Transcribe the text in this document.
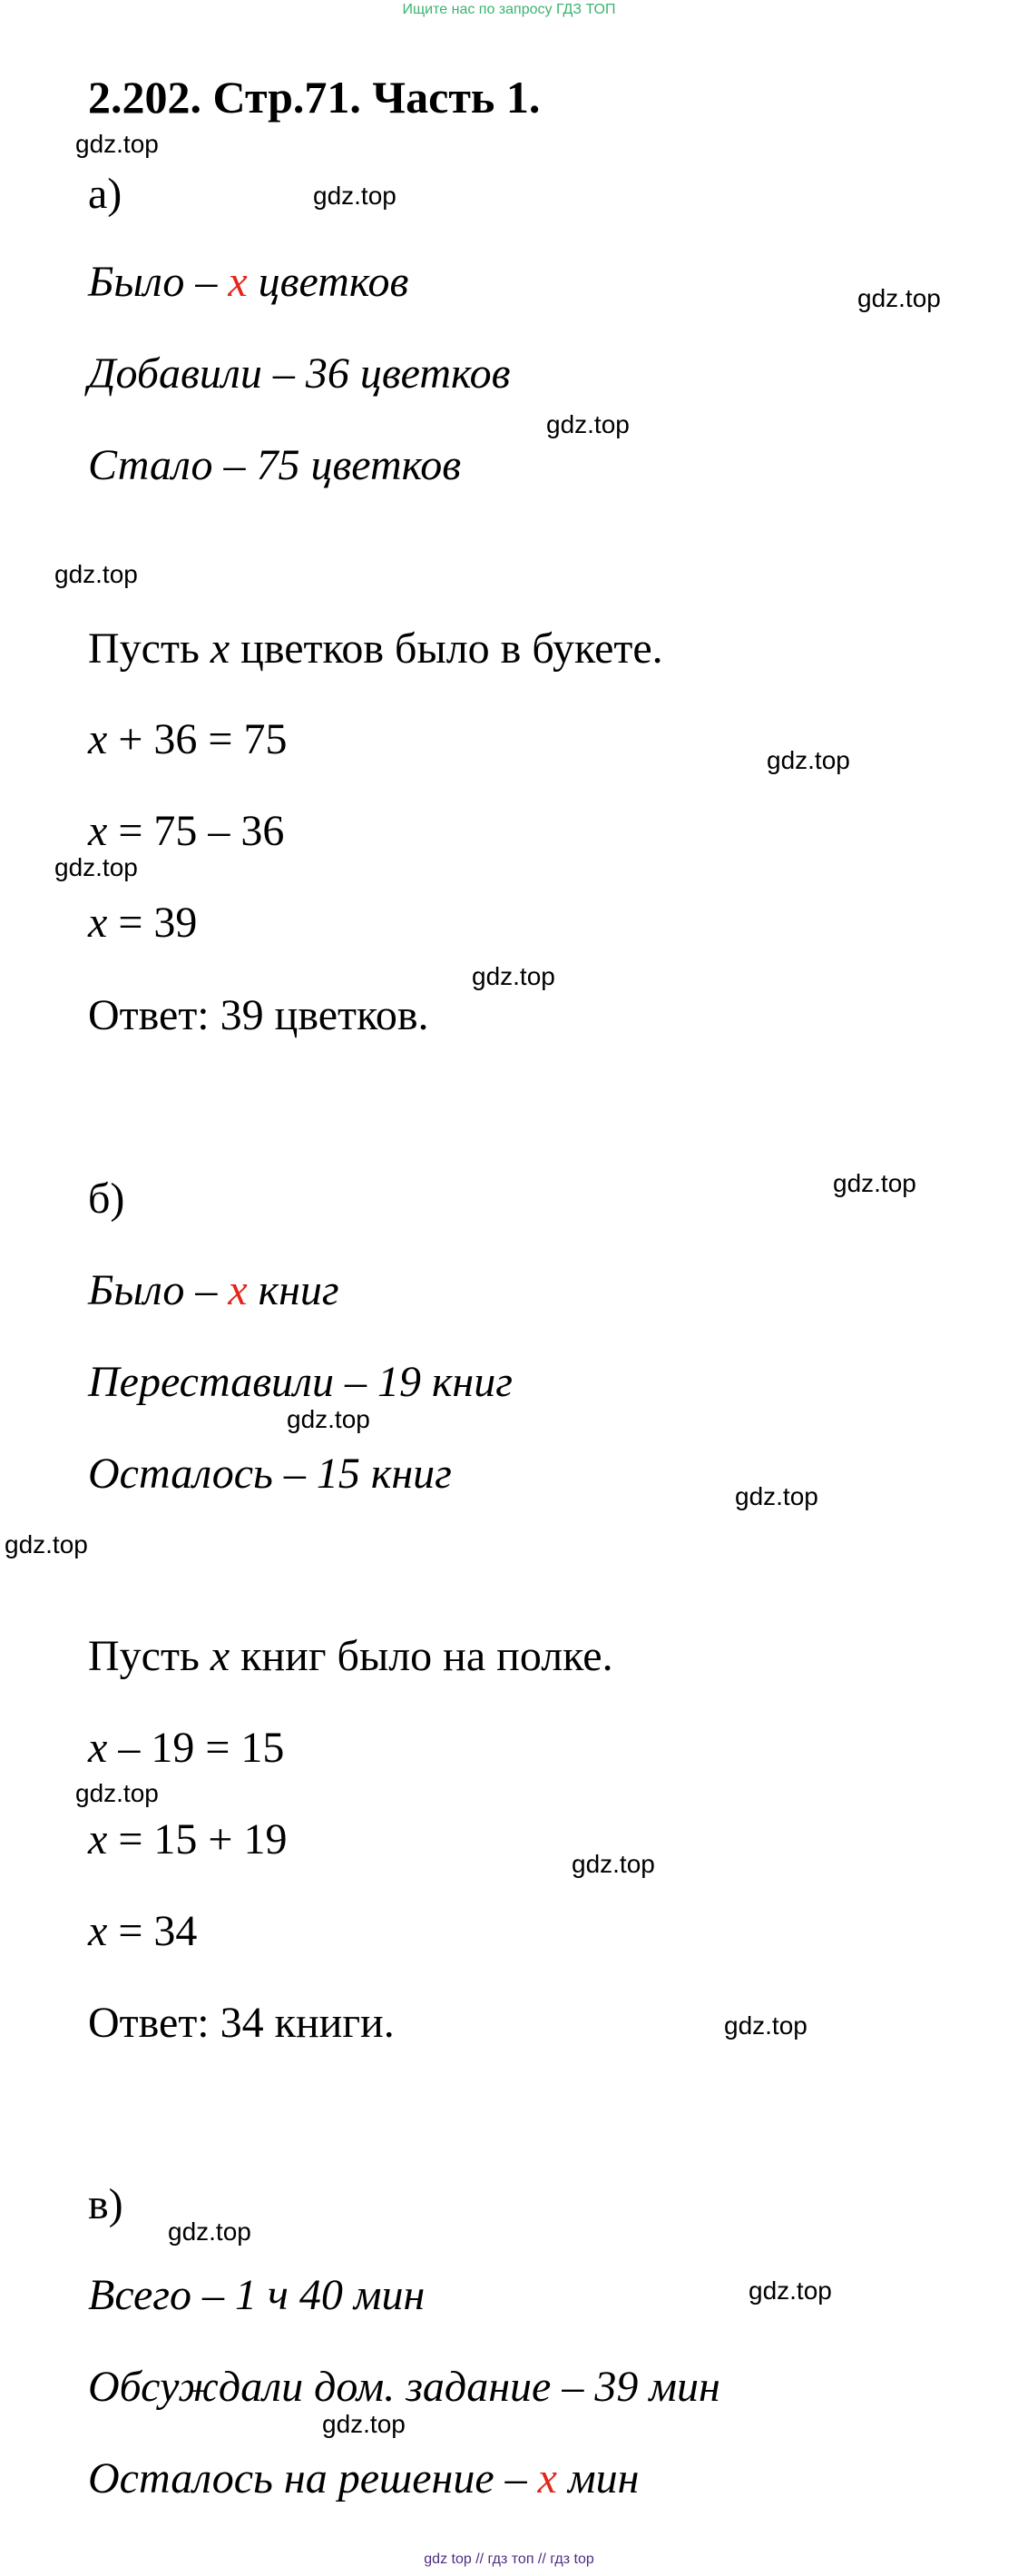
Ищите нас по запросу ГДЗ ТОП
2.202. Стр.71. Часть 1.
а)
Было – x цветков
Добавили – 36 цветков
Стало – 75 цветков
Пусть x цветков было в букете.
x + 36 = 75
x = 75 – 36
x = 39
Ответ: 39 цветков.
б)
Было – x книг
Переставили – 19 книг
Осталось – 15 книг
Пусть x книг было на полке.
x – 19 = 15
x = 15 + 19
x = 34
Ответ: 34 книги.
в)
Всего – 1 ч 40 мин
Обсуждали дом. задание – 39 мин
Осталось на решение – x мин
gdz.top
gdz.top
gdz.top
gdz.top
gdz.top
gdz.top
gdz.top
gdz.top
gdz.top
gdz.top
gdz.top
gdz.top
gdz.top
gdz.top
gdz.top
gdz.top
gdz.top
gdz.top
gdz top // гдз топ // гдз top
